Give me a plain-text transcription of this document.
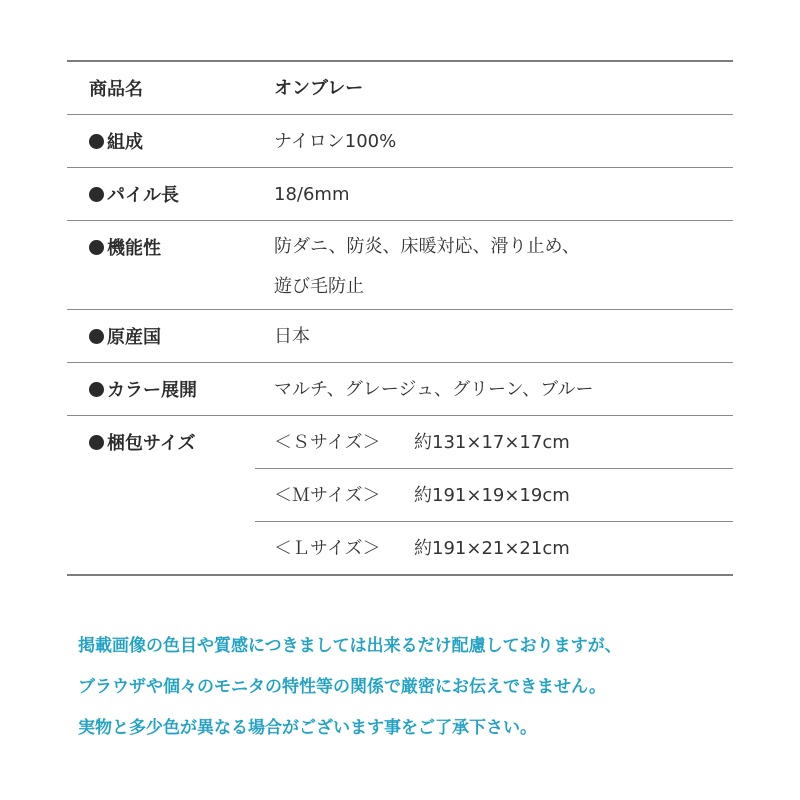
商品名	オンブレー
組成	ナイロン100%
パイル長	18/6mm
機能性	防ダニ、防炎、床暖対応、滑り止め、
遊び毛防止
原産国	日本
カラー展開	マルチ、グレージュ、グリーン、ブルー
梱包サイズ	＜Ｓサイズ＞ 約131×17×17cm
＜Ｍサイズ＞ 約191×19×19cm
＜Ｌサイズ＞ 約191×21×21cm
掲載画像の色目や質感につきましては出来るだけ配慮しておりますが、
ブラウザや個々のモニタの特性等の関係で厳密にお伝えできません。
実物と多少色が異なる場合がございます事をご了承下さい。
